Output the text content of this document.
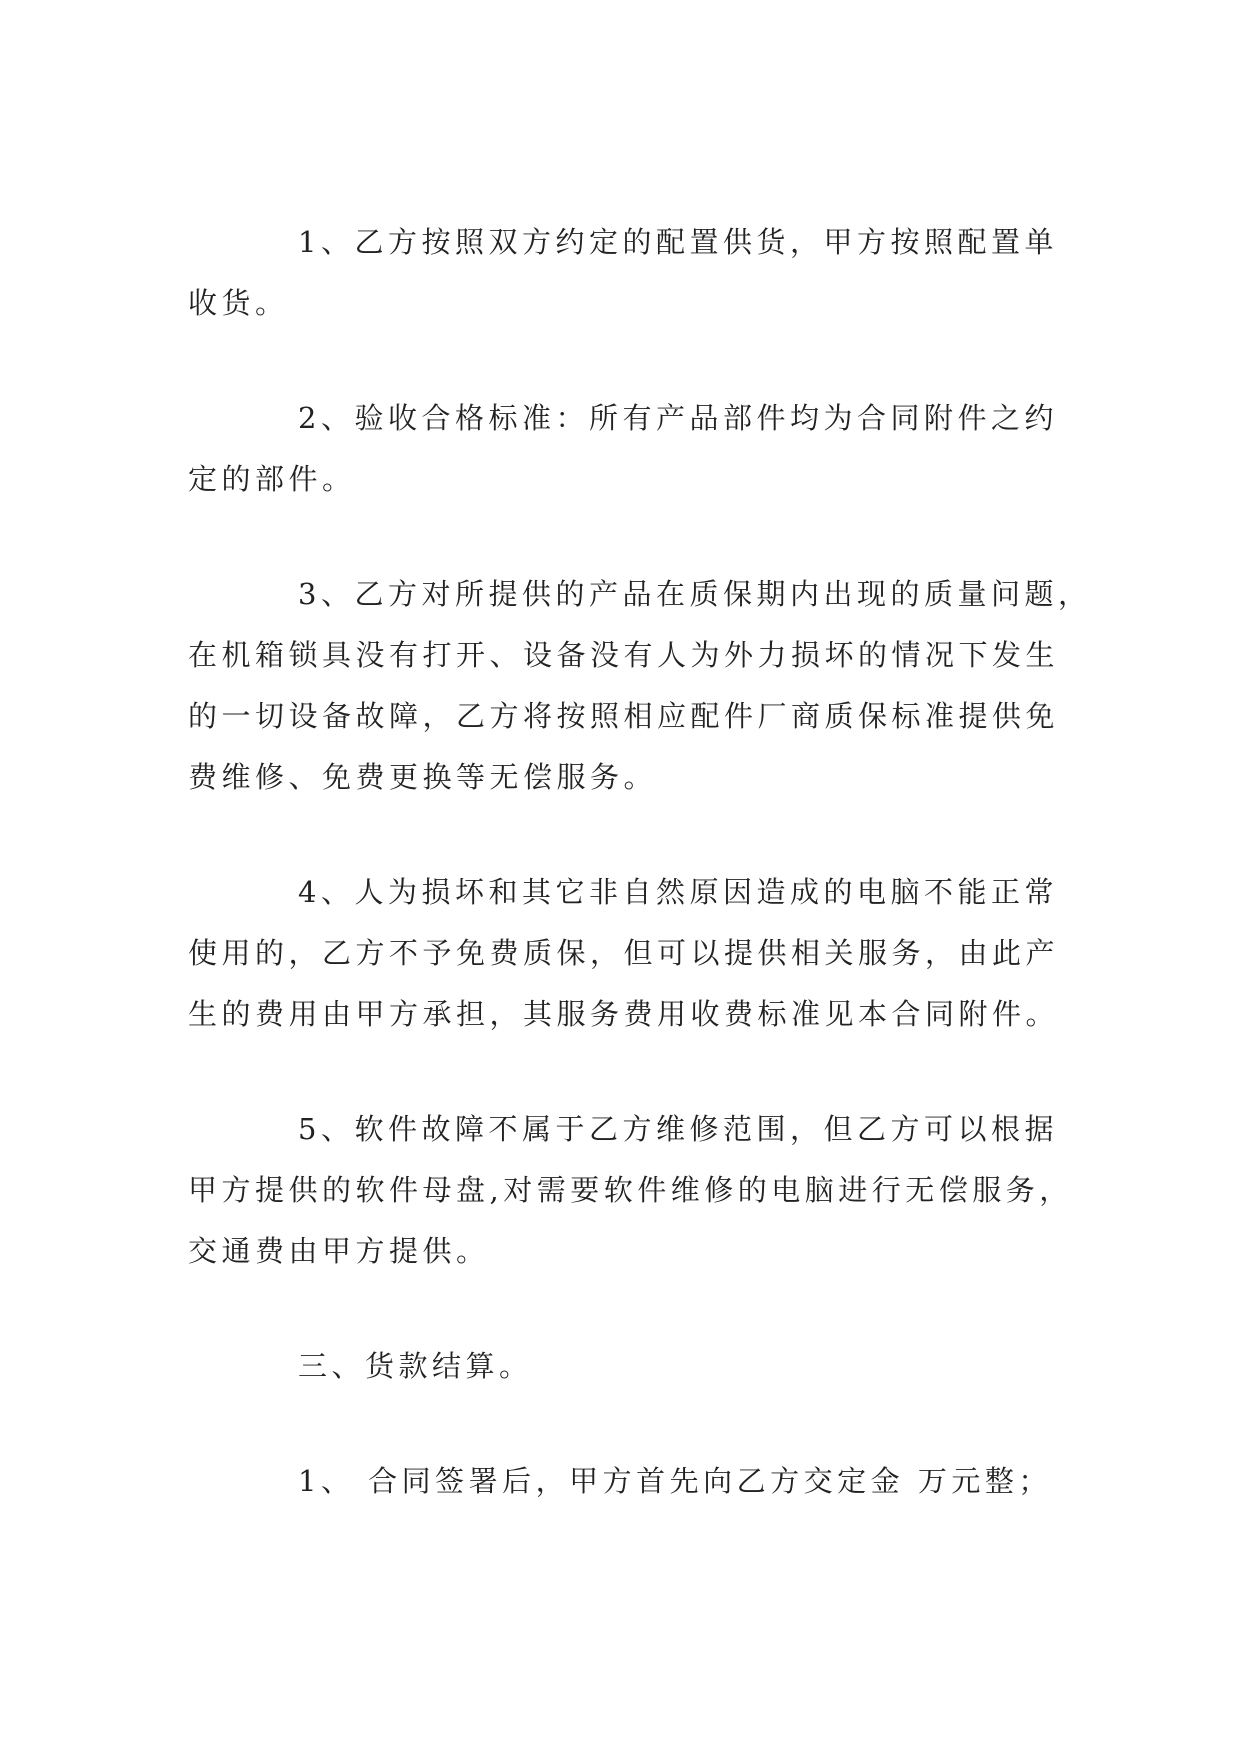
1、乙方按照双方约定的配置供货，甲方按照配置单
收货。
2、验收合格标准：所有产品部件均为合同附件之约
定的部件。
3、乙方对所提供的产品在质保期内出现的质量问题，
在机箱锁具没有打开、设备没有人为外力损坏的情况下发生
的一切设备故障，乙方将按照相应配件厂商质保标准提供免
费维修、免费更换等无偿服务。
4、人为损坏和其它非自然原因造成的电脑不能正常
使用的，乙方不予免费质保，但可以提供相关服务，由此产
生的费用由甲方承担，其服务费用收费标准见本合同附件。
5、软件故障不属于乙方维修范围，但乙方可以根据
甲方提供的软件母盘,对需要软件维修的电脑进行无偿服务，
交通费由甲方提供。
三、货款结算。
1、 合同签署后，甲方首先向乙方交定金 万元整；
